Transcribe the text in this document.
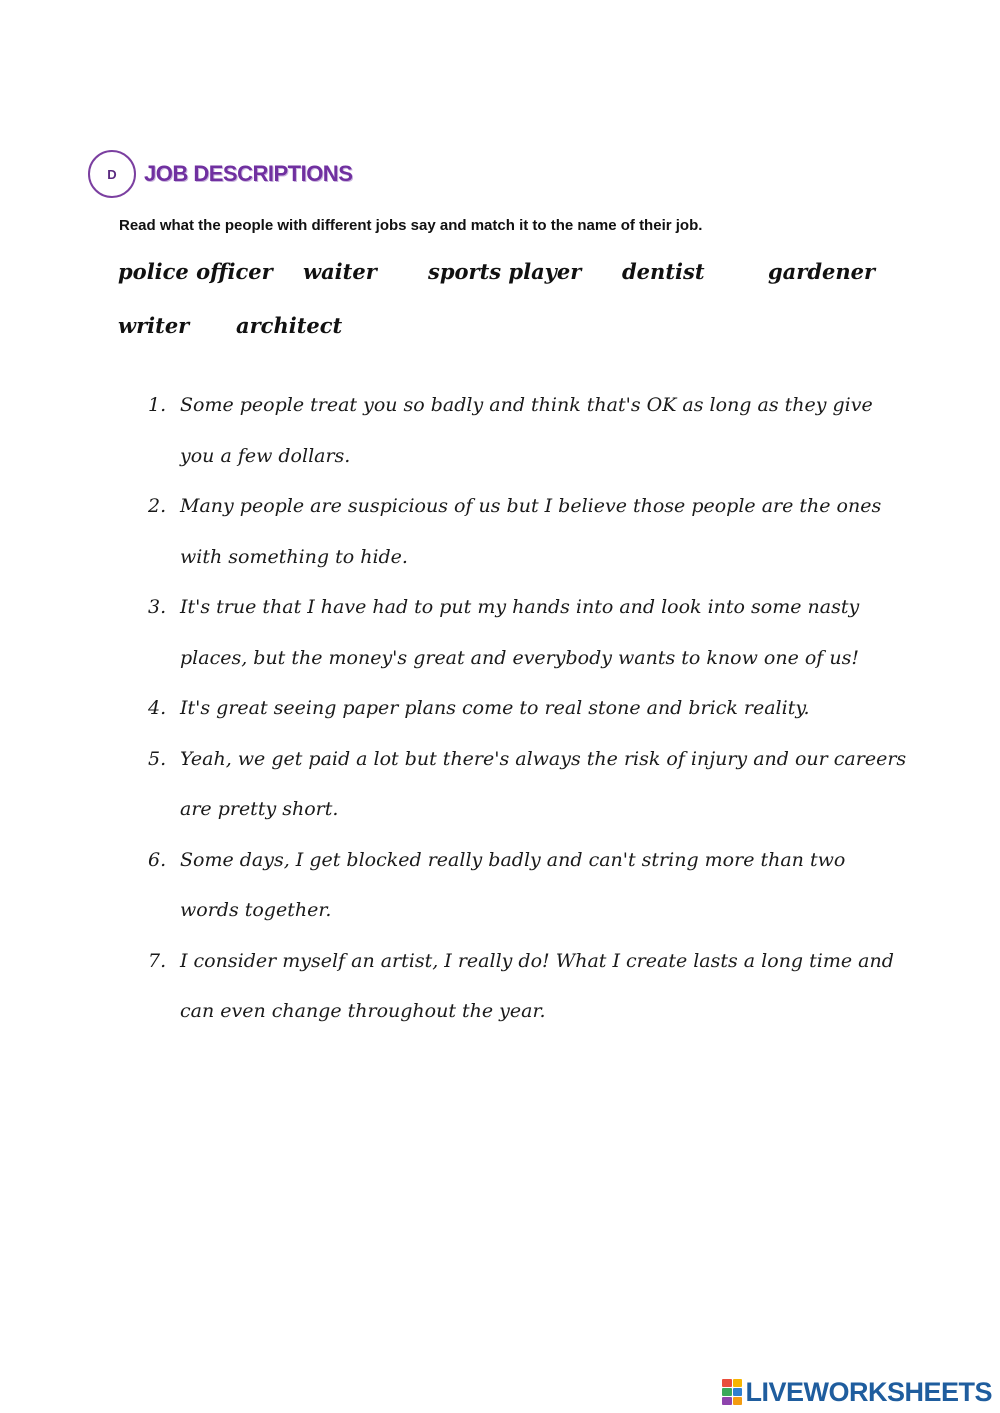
D	JOB DESCRIPTIONS
Read what the people with different jobs say and match it to the name of their job.
police officer waiter sports player dentist	gardener
writer architect
1. Some people treat you so badly and think that's OK as long as they give you a few dollars.
2. Many people are suspicious of us but I believe those people are the ones with something to hide.
3. It's true that I have had to put my hands into and look into some nasty places, but the money's great and everybody wants to know one of us!
4. It's great seeing paper plans come to real stone and brick reality.
5. Yeah, we get paid a lot but there's always the risk of injury and our careers are pretty short.
6. Some days, I get blocked really badly and can't string more than two words together.
7. I consider myself an artist, I really do! What I create lasts a long time and can even change throughout the year.
LIVEWORKSHEETS
